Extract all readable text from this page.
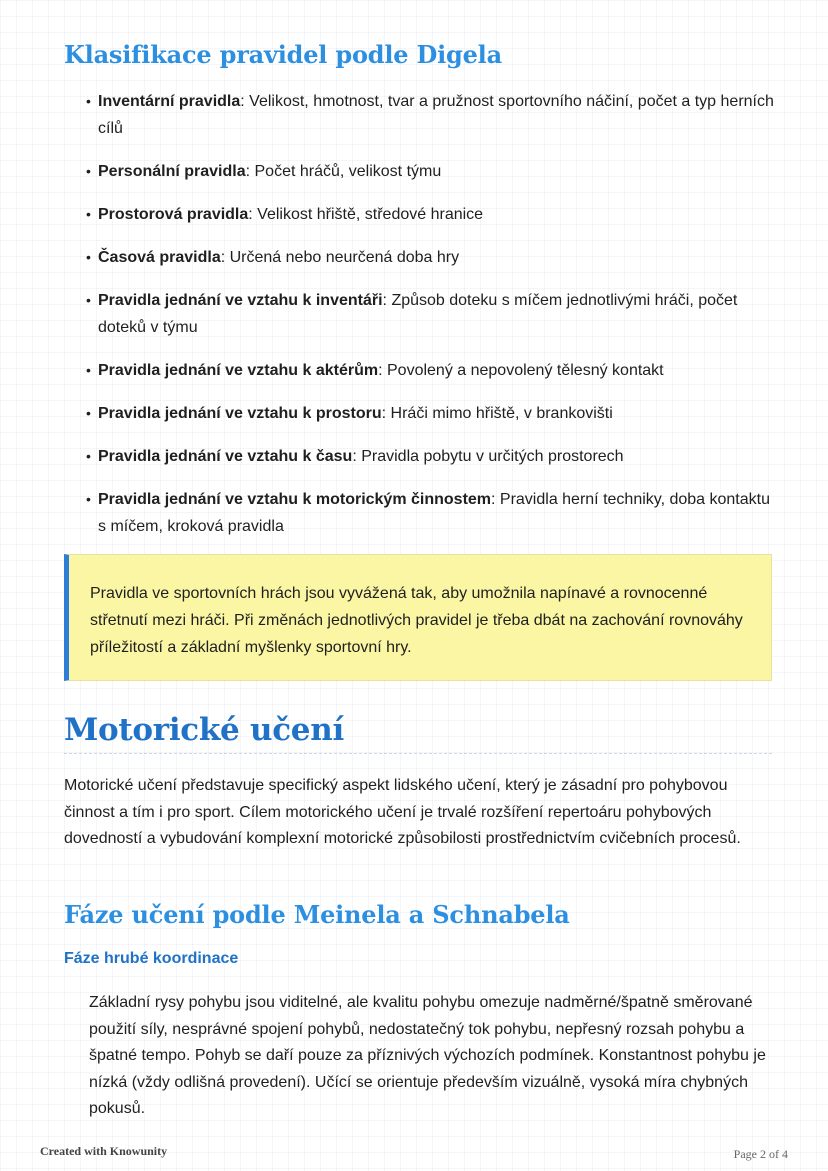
Klasifikace pravidel podle Digela
• Inventární pravidla: Velikost, hmotnost, tvar a pružnost sportovního náčiní, počet a typ herních cílů
• Personální pravidla: Počet hráčů, velikost týmu
• Prostorová pravidla: Velikost hřiště, středové hranice
• Časová pravidla: Určená nebo neurčená doba hry
• Pravidla jednání ve vztahu k inventáři: Způsob doteku s míčem jednotlivými hráči, počet doteků v týmu
• Pravidla jednání ve vztahu k aktérům: Povolený a nepovolený tělesný kontakt
• Pravidla jednání ve vztahu k prostoru: Hráči mimo hřiště, v brankovišti
• Pravidla jednání ve vztahu k času: Pravidla pobytu v určitých prostorech
• Pravidla jednání ve vztahu k motorickým činnostem: Pravidla herní techniky, doba kontaktu s míčem, kroková pravidla

Pravidla ve sportovních hrách jsou vyvážená tak, aby umožnila napínavé a rovnocenné střetnutí mezi hráči. Při změnách jednotlivých pravidel je třeba dbát na zachování rovnováhy příležitostí a základní myšlenky sportovní hry.

Motorické učení

Motorické učení představuje specifický aspekt lidského učení, který je zásadní pro pohybovou činnost a tím i pro sport. Cílem motorického učení je trvalé rozšíření repertoáru pohybových dovedností a vybudování komplexní motorické způsobilosti prostřednictvím cvičebních procesů.

Fáze učení podle Meinela a Schnabela
Fáze hrubé koordinace

Základní rysy pohybu jsou viditelné, ale kvalitu pohybu omezuje nadměrné/špatně směrované použití síly, nesprávné spojení pohybů, nedostatečný tok pohybu, nepřesný rozsah pohybu a špatné tempo. Pohyb se daří pouze za příznivých výchozích podmínek. Konstantnost pohybu je nízká (vždy odlišná provedení). Učící se orientuje především vizuálně, vysoká míra chybných pokusů.

Created with Knowunity	Page 2 of 4
